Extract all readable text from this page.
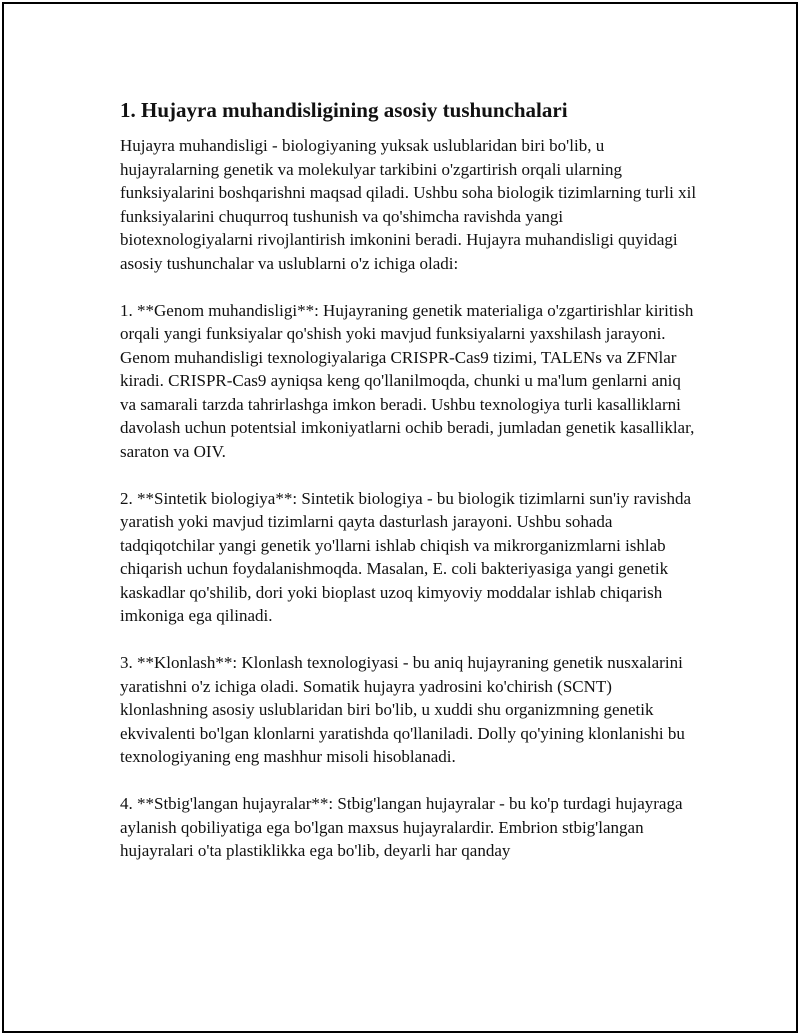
1. Hujayra muhandisligining asosiy tushunchalari

Hujayra muhandisligi - biologiyaning yuksak uslublaridan biri bo'lib, u hujayralarning genetik va molekulyar tarkibini o'zgartirish orqali ularning funksiyalarini boshqarishni maqsad qiladi. Ushbu soha biologik tizimlarning turli xil funksiyalarini chuqurroq tushunish va qo'shimcha ravishda yangi biotexnologiyalarni rivojlantirish imkonini beradi. Hujayra muhandisligi quyidagi asosiy tushunchalar va uslublarni o'z ichiga oladi:

1. **Genom muhandisligi**: Hujayraning genetik materialiga o'zgartirishlar kiritish orqali yangi funksiyalar qo'shish yoki mavjud funksiyalarni yaxshilash jarayoni. Genom muhandisligi texnologiyalariga CRISPR-Cas9 tizimi, TALENs va ZFNlar kiradi. CRISPR-Cas9 ayniqsa keng qo'llanilmoqda, chunki u ma'lum genlarni aniq va samarali tarzda tahrirlashga imkon beradi. Ushbu texnologiya turli kasalliklarni davolash uchun potentsial imkoniyatlarni ochib beradi, jumladan genetik kasalliklar, saraton va OIV.

2. **Sintetik biologiya**: Sintetik biologiya - bu biologik tizimlarni sun'iy ravishda yaratish yoki mavjud tizimlarni qayta dasturlash jarayoni. Ushbu sohada tadqiqotchilar yangi genetik yo'llarni ishlab chiqish va mikrorganizmlarni ishlab chiqarish uchun foydalanishmoqda. Masalan, E. coli bakteriyasiga yangi genetik kaskadlar qo'shilib, dori yoki bioplast uzoq kimyoviy moddalar ishlab chiqarish imkoniga ega qilinadi.

3. **Klonlash**: Klonlash texnologiyasi - bu aniq hujayraning genetik nusxalarini yaratishni o'z ichiga oladi. Somatik hujayra yadrosini ko'chirish (SCNT) klonlashning asosiy uslublaridan biri bo'lib, u xuddi shu organizmning genetik ekvivalenti bo'lgan klonlarni yaratishda qo'llaniladi. Dolly qo'yining klonlanishi bu texnologiyaning eng mashhur misoli hisoblanadi.

4. **Stbig'langan hujayralar**: Stbig'langan hujayralar - bu ko'p turdagi hujayraga aylanish qobiliyatiga ega bo'lgan maxsus hujayralardir. Embrion stbig'langan hujayralari o'ta plastiklikka ega bo'lib, deyarli har qanday
